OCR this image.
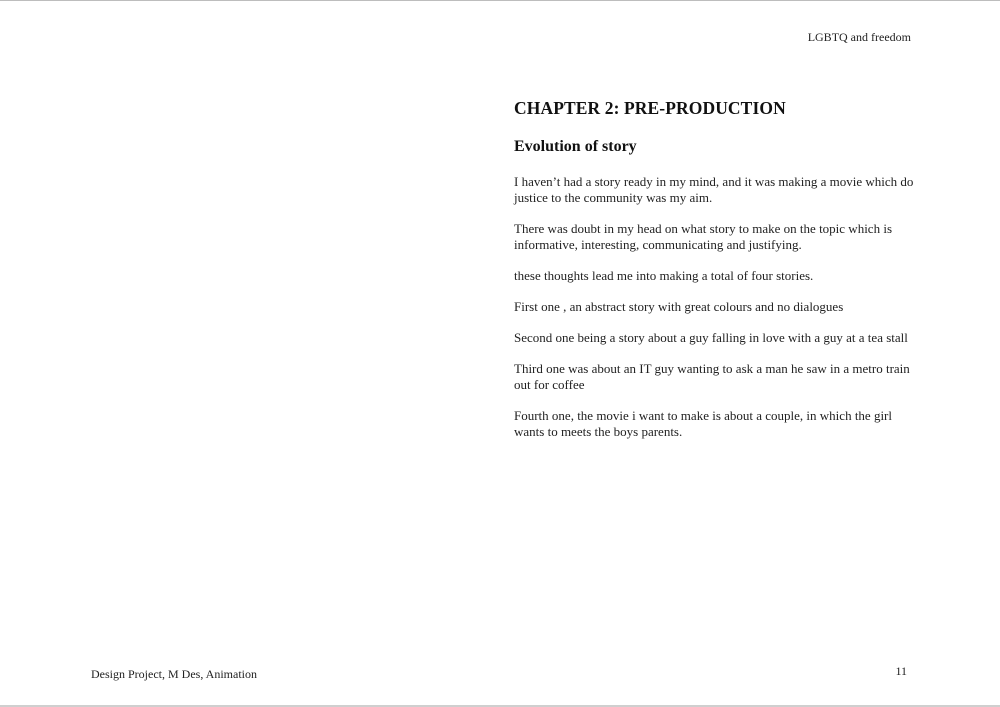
LGBTQ and freedom
CHAPTER 2: PRE-PRODUCTION
Evolution of story

I haven’t had a story ready in my mind, and it was making a movie which do justice to the community was my aim.

There was doubt in my head on what story to make on the topic which is informative, interesting, communicating and justifying.

these thoughts lead me into making a total of four stories.

First one , an abstract story with great colours and no dialogues

Second one being a story about a guy falling in love with a guy at a tea stall

Third one was about an IT guy wanting to ask a man he saw in a metro train out for coffee

Fourth one, the movie i want to make is about a couple, in which the girl wants to meets the boys parents.

Design Project, M Des, Animation	11
